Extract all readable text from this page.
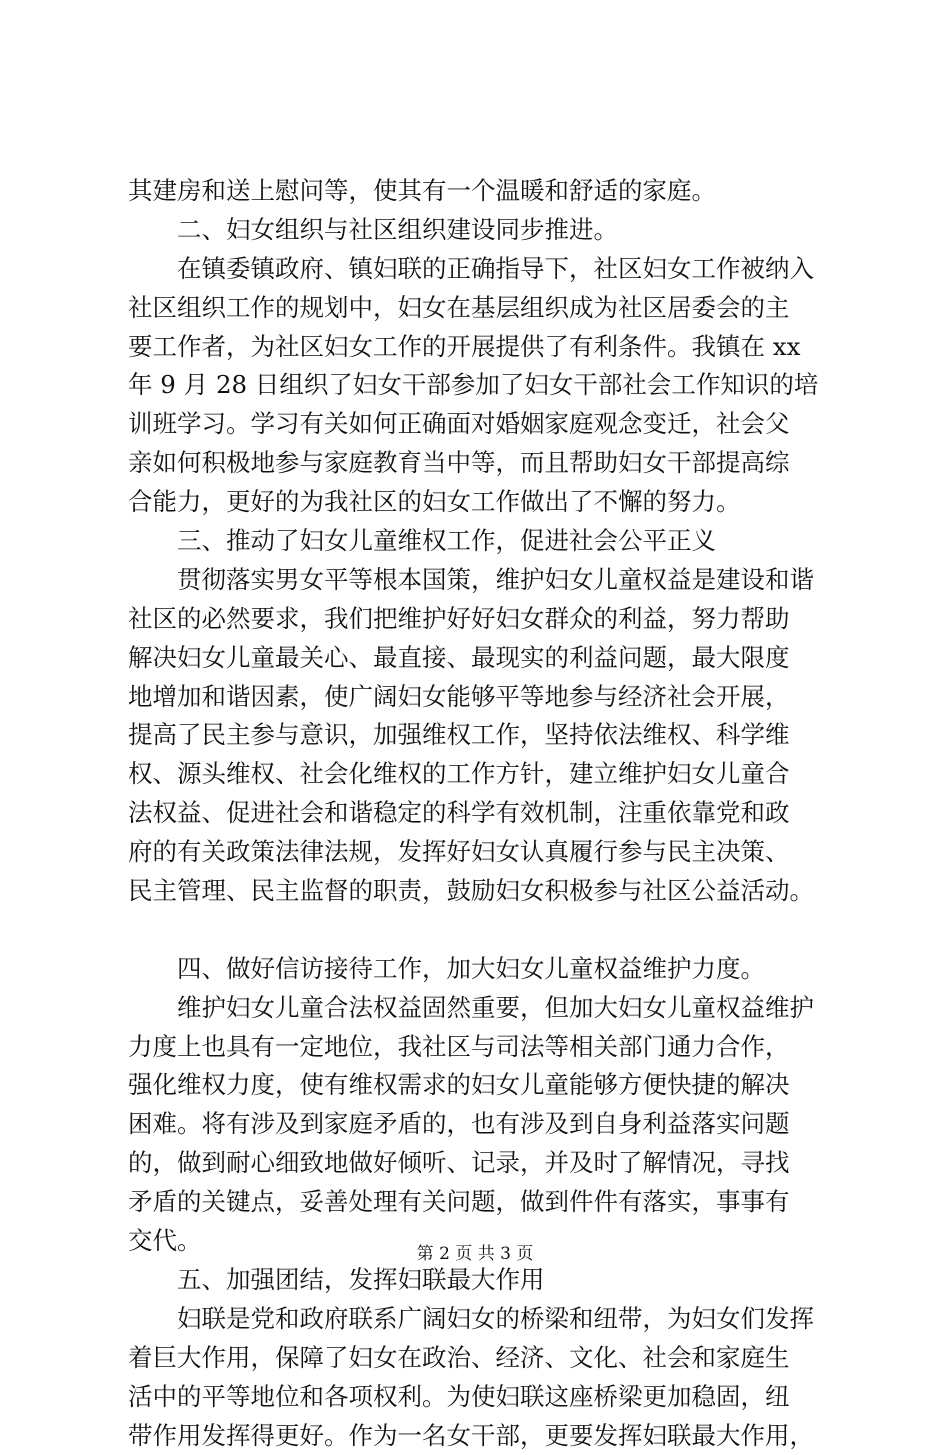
其建房和送上慰问等，使其有一个温暖和舒适的家庭。
二、妇女组织与社区组织建设同步推进。
在镇委镇政府、镇妇联的正确指导下，社区妇女工作被纳入
社区组织工作的规划中，妇女在基层组织成为社区居委会的主
要工作者，为社区妇女工作的开展提供了有利条件。我镇在 xx
年 9 月 28 日组织了妇女干部参加了妇女干部社会工作知识的培
训班学习。学习有关如何正确面对婚姻家庭观念变迁，社会父
亲如何积极地参与家庭教育当中等，而且帮助妇女干部提高综
合能力，更好的为我社区的妇女工作做出了不懈的努力。
三、推动了妇女儿童维权工作，促进社会公平正义
贯彻落实男女平等根本国策，维护妇女儿童权益是建设和谐
社区的必然要求，我们把维护好好妇女群众的利益，努力帮助
解决妇女儿童最关心、最直接、最现实的利益问题，最大限度
地增加和谐因素，使广阔妇女能够平等地参与经济社会开展，
提高了民主参与意识，加强维权工作，坚持依法维权、科学维
权、源头维权、社会化维权的工作方针，建立维护妇女儿童合
法权益、促进社会和谐稳定的科学有效机制，注重依靠党和政
府的有关政策法律法规，发挥好妇女认真履行参与民主决策、
民主管理、民主监督的职责，鼓励妇女积极参与社区公益活动。
四、做好信访接待工作，加大妇女儿童权益维护力度。
维护妇女儿童合法权益固然重要，但加大妇女儿童权益维护
力度上也具有一定地位，我社区与司法等相关部门通力合作，
强化维权力度，使有维权需求的妇女儿童能够方便快捷的解决
困难。将有涉及到家庭矛盾的，也有涉及到自身利益落实问题
的，做到耐心细致地做好倾听、记录，并及时了解情况，寻找
矛盾的关键点，妥善处理有关问题，做到件件有落实，事事有
交代。
五、加强团结，发挥妇联最大作用
妇联是党和政府联系广阔妇女的桥梁和纽带，为妇女们发挥
着巨大作用，保障了妇女在政治、经济、文化、社会和家庭生
活中的平等地位和各项权利。为使妇联这座桥梁更加稳固，纽
带作用发挥得更好。作为一名女干部，更要发挥妇联最大作用，
第 2 页 共 3 页
